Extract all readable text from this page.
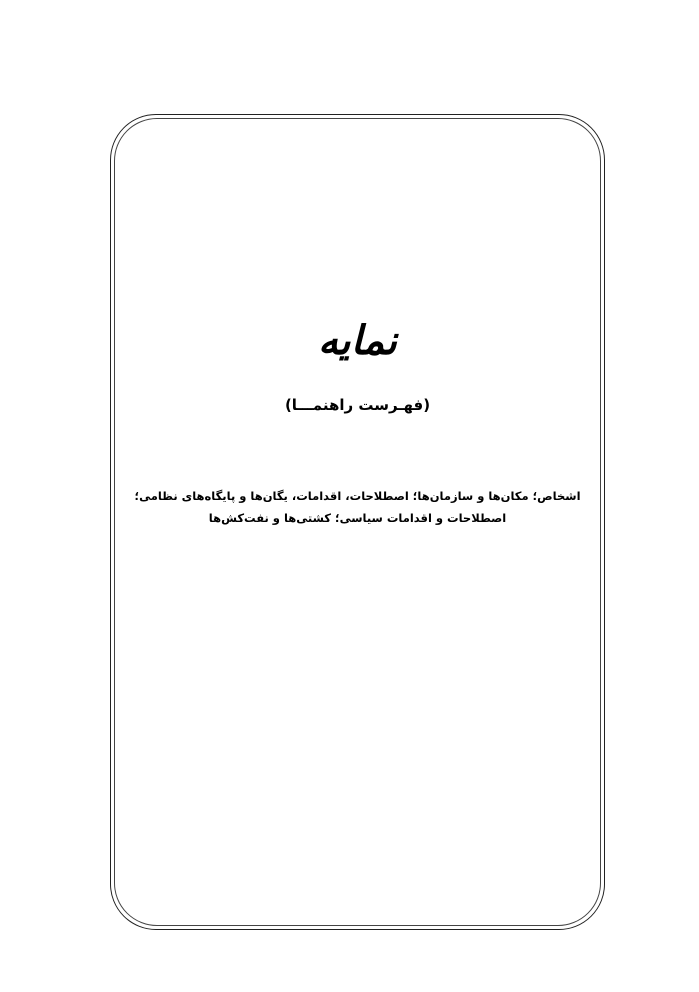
نمایه
(فهـرست راهنمـــا)
اشخاص؛ مکان‌ها و سازمان‌ها؛ اصطلاحات، اقدامات، یگان‌ها و پایگاه‌های نظامی؛
اصطلاحات و اقدامات سیاسی؛ کشتی‌ها و نفت‌کش‌ها
